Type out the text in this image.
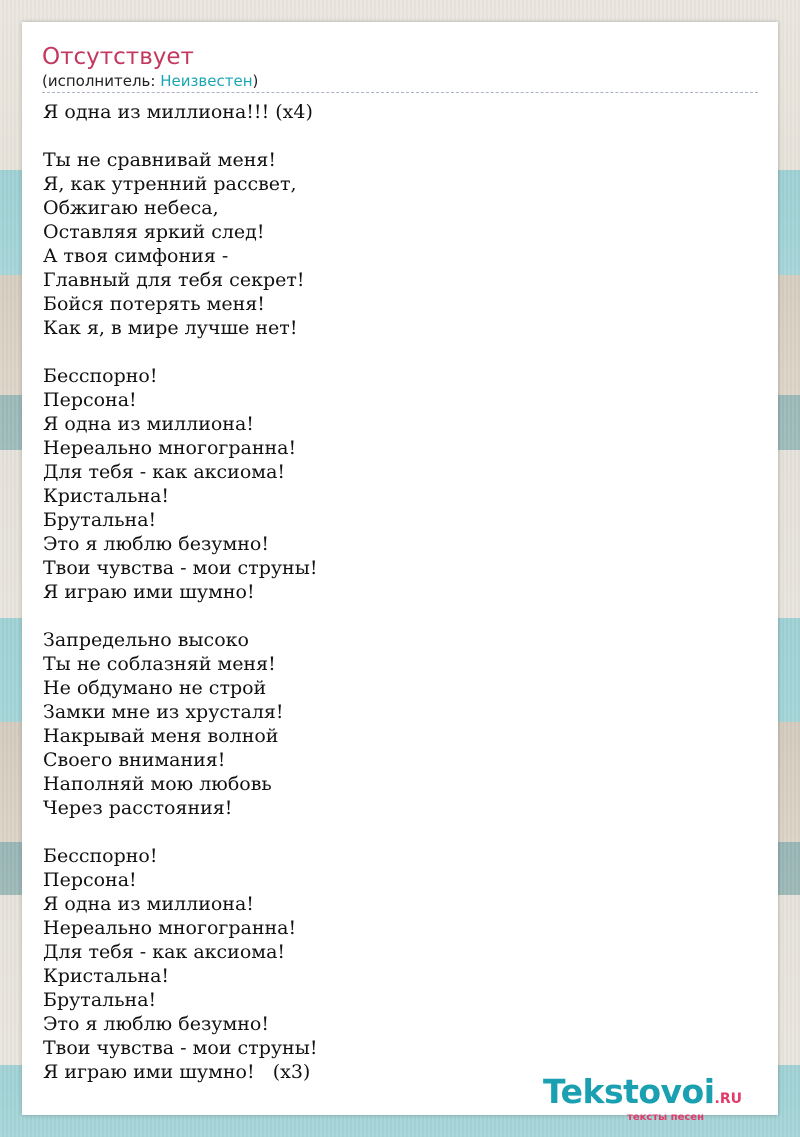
Отсутствует
(исполнитель: Неизвестен)
Я одна из миллиона!!! (х4)
Ты не сравнивай меня!
Я, как утренний рассвет,
Обжигаю небеса,
Оставляя яркий след!
А твоя симфония -
Главный для тебя секрет!
Бойся потерять меня!
Как я, в мире лучше нет!
Бесспорно!
Персона!
Я одна из миллиона!
Нереально многогранна!
Для тебя - как аксиома!
Кристальна!
Брутальна!
Это я люблю безумно!
Твои чувства - мои струны!
Я играю ими шумно!
Запредельно высоко
Ты не соблазняй меня!
Не обдумано не строй
Замки мне из хрусталя!
Накрывай меня волной
Своего внимания!
Наполняй мою любовь
Через расстояния!
Бесспорно!
Персона!
Я одна из миллиона!
Нереально многогранна!
Для тебя - как аксиома!
Кристальна!
Брутальна!
Это я люблю безумно!
Твои чувства - мои струны!
Я играю ими шумно!   (х3)	Tekstovoi.RU
тексты песен
